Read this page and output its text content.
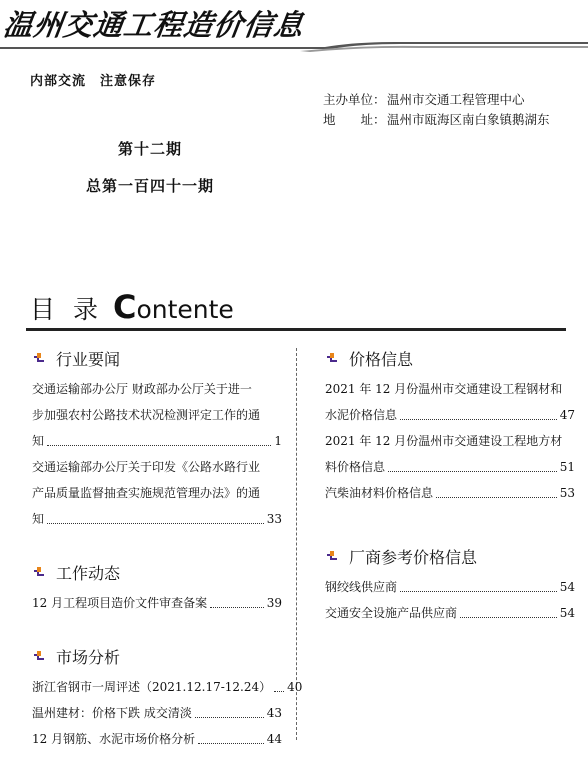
温州交通工程造价信息
内部交流　注意保存
主办单位：温州市交通工程管理中心
地　　址：温州市瓯海区南白象镇鹅湖东
第十二期
总第一百四十一期
目 录 Contente
行业要闻
交通运输部办公厅 财政部办公厅关于进一
步加强农村公路技术状况检测评定工作的通
知	1
交通运输部办公厅关于印发《公路水路行业
产品质量监督抽查实施规范管理办法》的通
知	33
工作动态
12 月工程项目造价文件审查备案	39
市场分析
浙江省钢市一周评述（2021.12.17-12.24） 40
温州建材：价格下跌 成交清淡	43
12 月钢筋、水泥市场价格分析	44
价格信息
2021 年 12 月份温州市交通建设工程钢材和
水泥价格信息	47
2021 年 12 月份温州市交通建设工程地方材
料价格信息	51
汽柴油材料价格信息	53
厂商参考价格信息
钢绞线供应商	54
交通安全设施产品供应商	54
